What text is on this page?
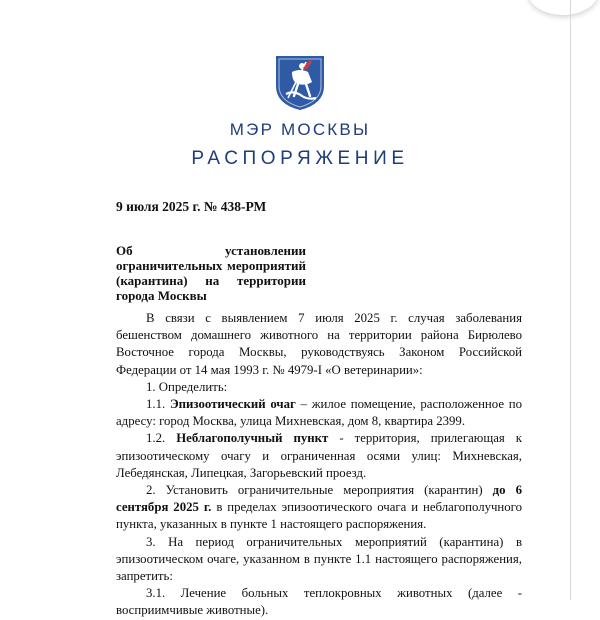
МЭР МОСКВЫ
РАСПОРЯЖЕНИЕ
9 июля 2025 г. № 438-РМ
Об установлении ограничительных мероприятий (карантина) на территории города Москвы

В связи с выявлением 7 июля 2025 г. случая заболевания бешенством домашнего животного на территории района Бирюлево Восточное города Москвы, руководствуясь Законом Российской Федерации от 14 мая 1993 г. № 4979-I «О ветеринарии»:

1. Определить:

1.1. Эпизоотический очаг – жилое помещение, расположенное по адресу: город Москва, улица Михневская, дом 8, квартира 2399.

1.2. Неблагополучный пункт - территория, прилегающая к эпизоотическому очагу и ограниченная осями улиц: Михневская, Лебедянская, Липецкая, Загорьевский проезд.

2. Установить ограничительные мероприятия (карантин) до 6 сентября 2025 г. в пределах эпизоотического очага и неблагополучного пункта, указанных в пункте 1 настоящего распоряжения.

3. На период ограничительных мероприятий (карантина) в эпизоотическом очаге, указанном в пункте 1.1 настоящего распоряжения, запретить:

3.1. Лечение больных теплокровных животных (далее - восприимчивые животные).
